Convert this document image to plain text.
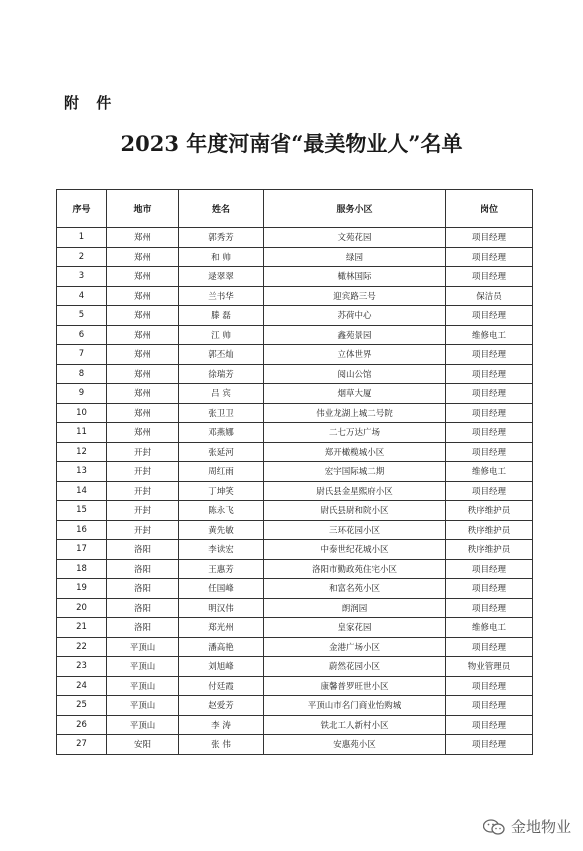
附 件
2023 年度河南省“最美物业人”名单
序号	地市	姓名	服务小区	岗位
1	郑州	郭秀芳	文苑花园	项目经理
2	郑州	和 帅	绿园	项目经理
3	郑州	逯翠翠	橄林国际	项目经理
4	郑州	兰书华	迎宾路三号	保洁员
5	郑州	滕 磊	苏荷中心	项目经理
6	郑州	江 帅	鑫苑景园	维修电工
7	郑州	郭丕灿	立体世界	项目经理
8	郑州	徐瑞芳	阅山公馆	项目经理
9	郑州	吕 宾	烟草大厦	项目经理
10	郑州	张卫卫	伟业龙湖上城二号院	项目经理
11	郑州	邓燕娜	二七万达广场	项目经理
12	开封	张延河	郑开橄榄城小区	项目经理
13	开封	周红雨	宏宇国际城二期	维修电工
14	开封	丁坤笑	尉氏县金星熙府小区	项目经理
15	开封	陈永飞	尉氏县尉和院小区	秩序维护员
16	开封	黄先敏	三环花园小区	秩序维护员
17	洛阳	李读宏	中泰世纪花城小区	秩序维护员
18	洛阳	王惠芳	洛阳市勤政苑住宅小区	项目经理
19	洛阳	任国峰	和富名苑小区	项目经理
20	洛阳	明汉伟	朗润园	项目经理
21	洛阳	郑光州	皇家花园	维修电工
22	平顶山	潘高艳	金港广场小区	项目经理
23	平顶山	刘旭峰	蔚然花园小区	物业管理员
24	平顶山	付廷霞	康馨普罗旺世小区	项目经理
25	平顶山	赵爱芳	平顶山市名门商业怡购城	项目经理
26	平顶山	李 涛	铁北工人新村小区	项目经理
27	安阳	张 伟	安惠苑小区	项目经理
金地物业
